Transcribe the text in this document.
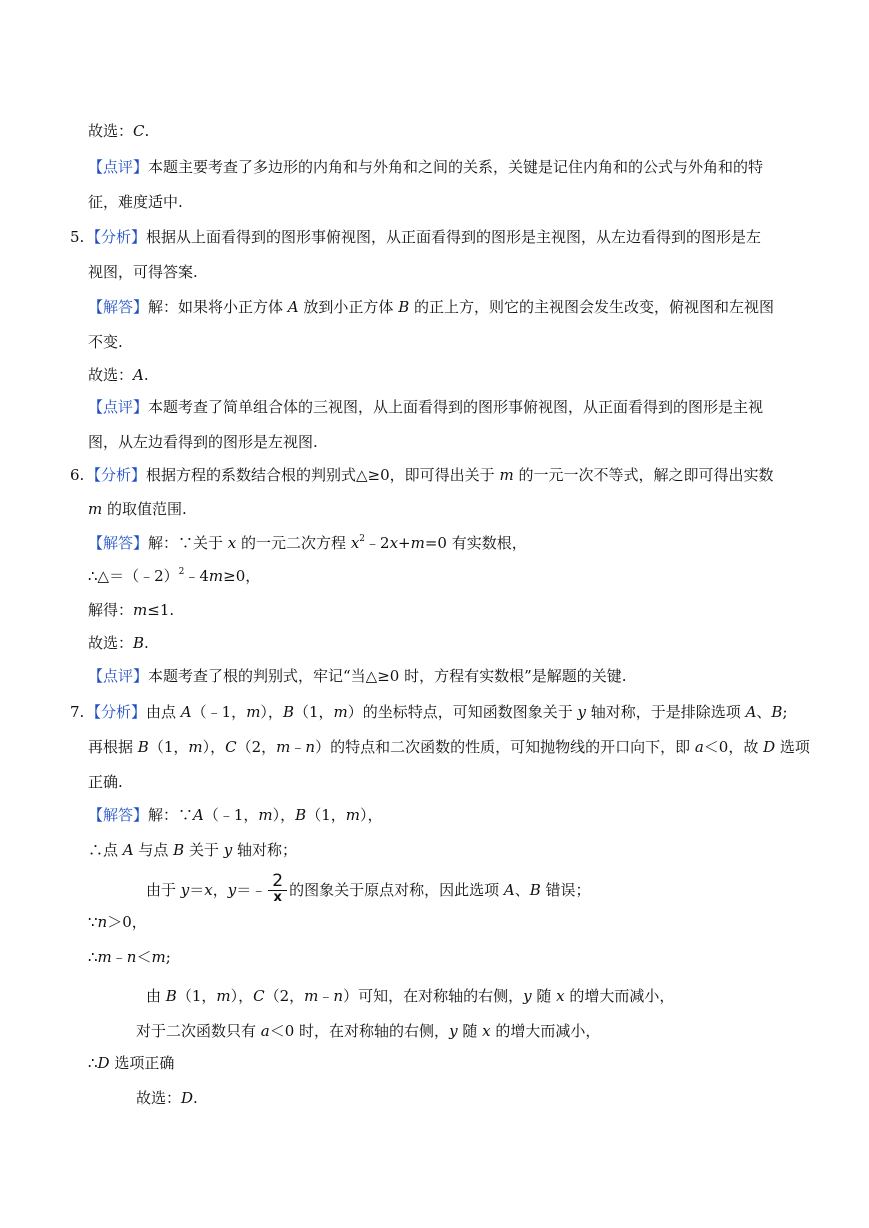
故选：C.
【点评】本题主要考查了多边形的内角和与外角和之间的关系，关键是记住内角和的公式与外角和的特
征，难度适中.
5. 【分析】根据从上面看得到的图形事俯视图，从正面看得到的图形是主视图，从左边看得到的图形是左
视图，可得答案.
【解答】解：如果将小正方体 A 放到小正方体 B 的正上方，则它的主视图会发生改变，俯视图和左视图
不变.
故选：A.
【点评】本题考查了简单组合体的三视图，从上面看得到的图形事俯视图，从正面看得到的图形是主视
图，从左边看得到的图形是左视图.
6. 【分析】根据方程的系数结合根的判别式△≥0，即可得出关于 m 的一元一次不等式，解之即可得出实数
m 的取值范围.
【解答】解：∵关于 x 的一元二次方程 $x^2﹣2x+m=0$ 有实数根，
∴△＝（﹣2）$^2$﹣4m≥0，
解得：m≤1.
故选：B.
【点评】本题考查了根的判别式，牢记“当△≥0 时，方程有实数根”是解题的关键.
7. 【分析】由点 A（﹣1，m），B（1，m）的坐标特点，可知函数图象关于 y 轴对称，于是排除选项 A、B;
再根据 B（1，m），C（2，m﹣n）的特点和二次函数的性质，可知抛物线的开口向下，即 a＜0，故 D 选项
正确.
【解答】解：∵A（﹣1，m），B（1，m），
∴点 A 与点 B 关于 y 轴对称；
由于 y＝x，y＝﹣ $\frac{2}{x}$ 的图象关于原点对称，因此选项 A、B 错误；
∵n＞0，
∴m﹣n＜m;
由 B（1，m），C（2，m﹣n）可知，在对称轴的右侧，y 随 x 的增大而减小，
对于二次函数只有 a＜0 时，在对称轴的右侧，y 随 x 的增大而减小，
∴D 选项正确
故选：D.
